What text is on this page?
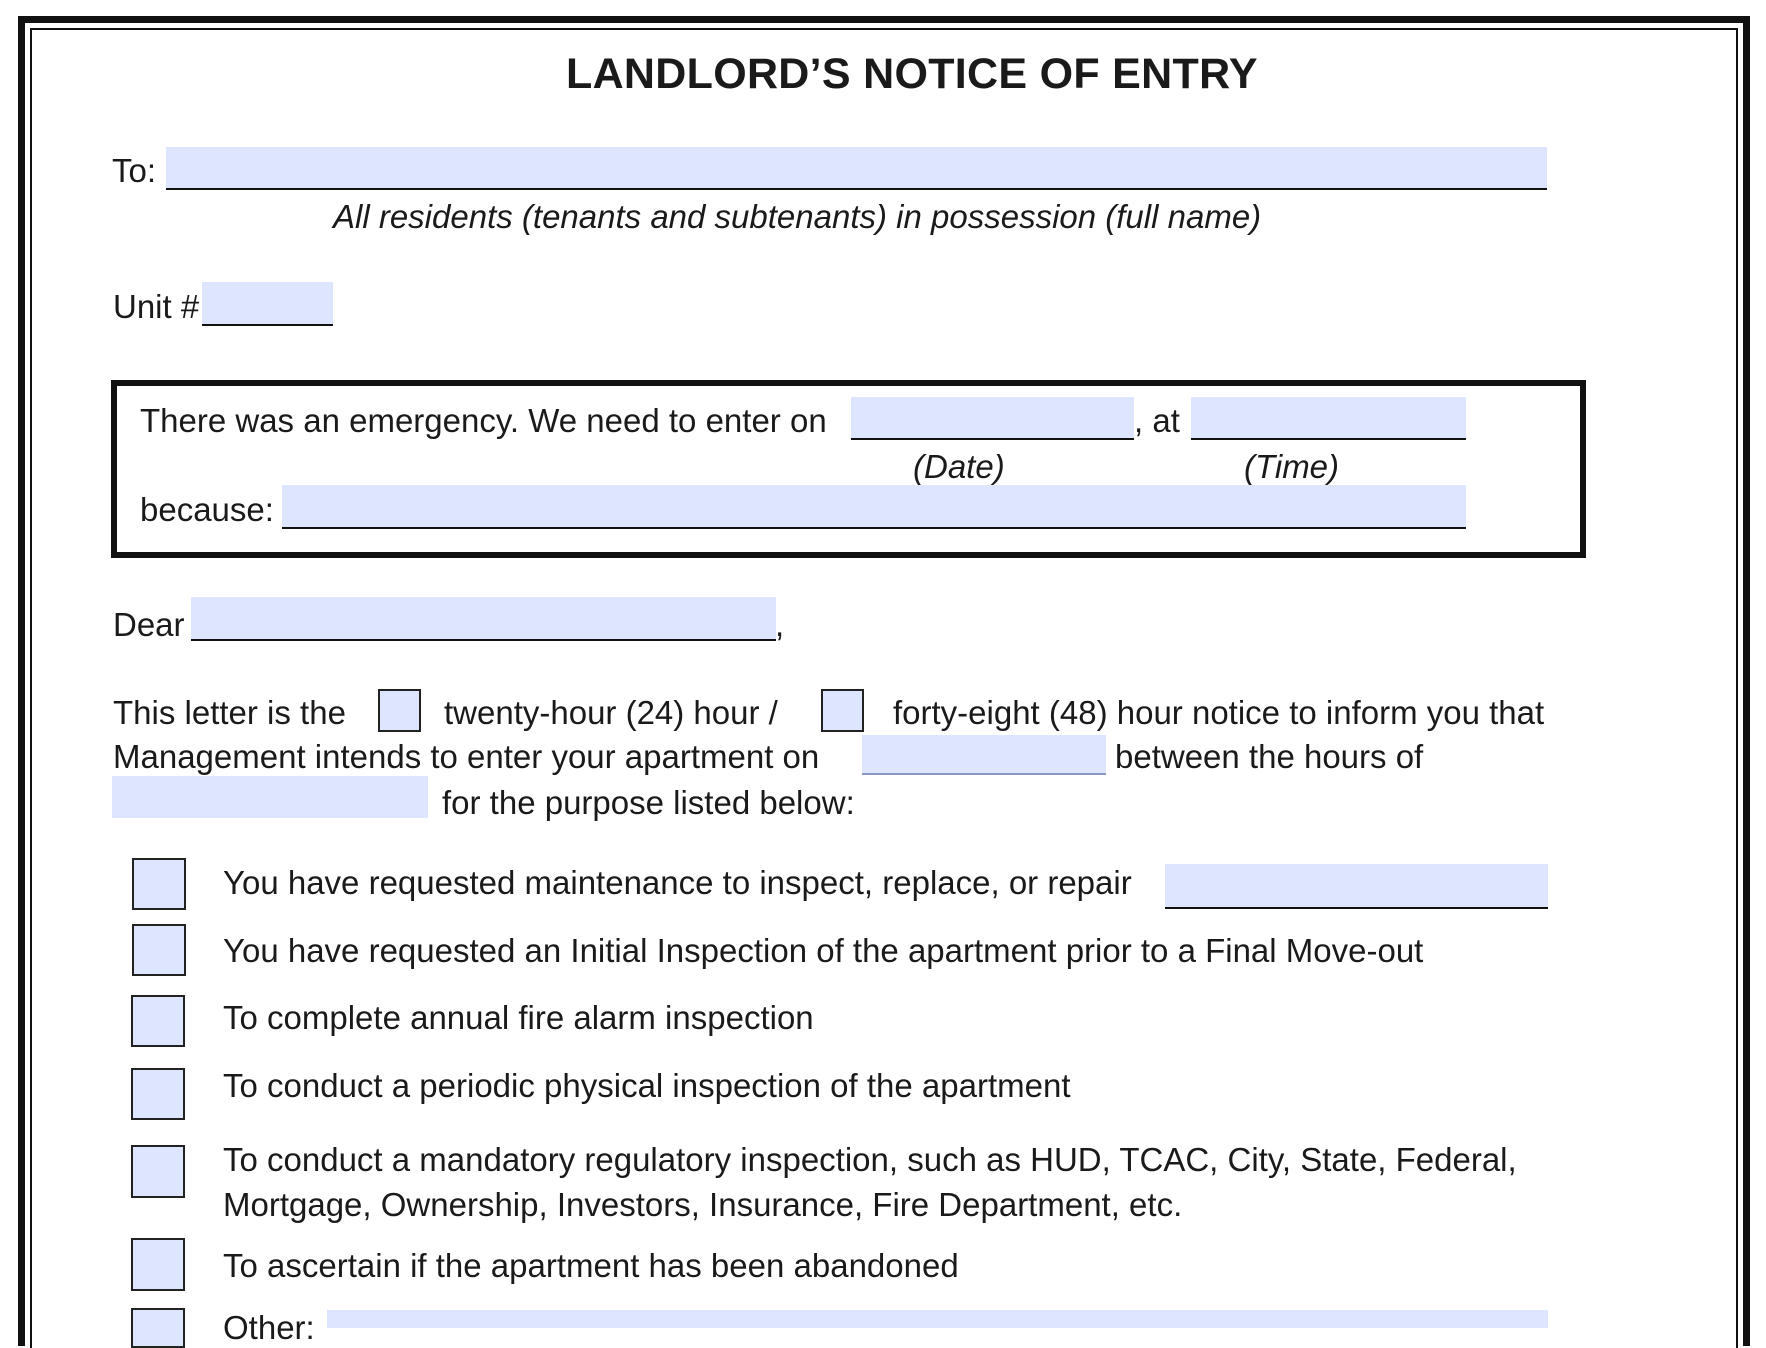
LANDLORD’S NOTICE OF ENTRY
To:
All residents (tenants and subtenants) in possession (full name)
Unit #
There was an emergency. We need to enter on	, at
(Date)	(Time)
because:
Dear	,
This letter is the	twenty-hour (24) hour /	forty-eight (48) hour notice to inform you that
Management intends to enter your apartment on	between the hours of
for the purpose listed below:
You have requested maintenance to inspect, replace, or repair
You have requested an Initial Inspection of the apartment prior to a Final Move-out
To complete annual fire alarm inspection
To conduct a periodic physical inspection of the apartment
To conduct a mandatory regulatory inspection, such as HUD, TCAC, City, State, Federal,
Mortgage, Ownership, Investors, Insurance, Fire Department, etc.
To ascertain if the apartment has been abandoned
Other:
